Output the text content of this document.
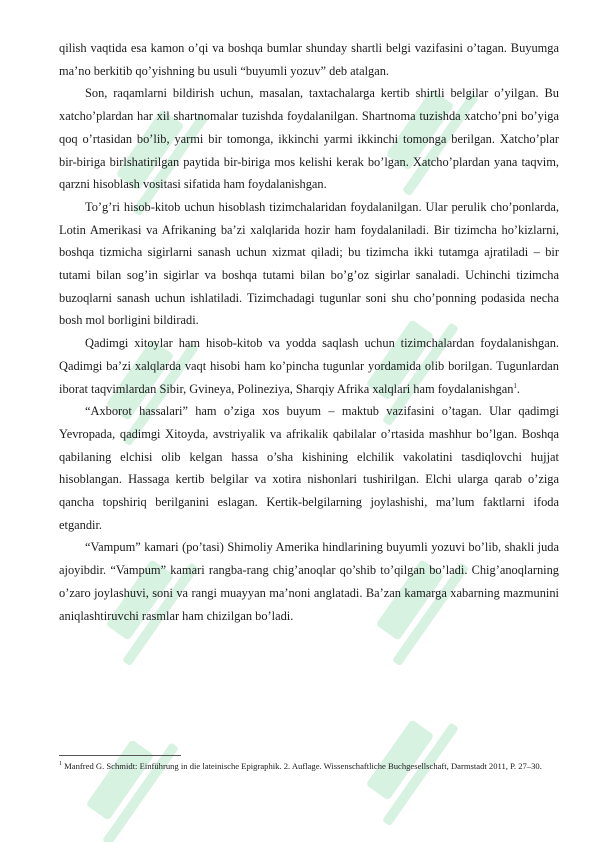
qilish vaqtida esa kamon o’qi va boshqa bumlar shunday shartli belgi vazifasini o’tagan. Buyumga ma’no berkitib qo’yishning bu usuli “buyumli yozuv” deb atalgan.

Son, raqamlarni bildirish uchun, masalan, taxtachalarga kertib shirtli belgilar o’yilgan. Bu xatcho’plardan har xil shartnomalar tuzishda foydalanilgan. Shartnoma tuzishda xatcho’pni bo’yiga qoq o’rtasidan bo’lib, yarmi bir tomonga, ikkinchi yarmi ikkinchi tomonga berilgan. Xatcho’plar bir-biriga birlshatirilgan paytida bir-biriga mos kelishi kerak bo’lgan. Xatcho’plardan yana taqvim, qarzni hisoblash vositasi sifatida ham foydalanishgan.

To’g’ri hisob-kitob uchun hisoblash tizimchalaridan foydalanilgan. Ular perulik cho’ponlarda, Lotin Amerikasi va Afrikaning ba’zi xalqlarida hozir ham foydalaniladi. Bir tizimcha ho’kizlarni, boshqa tizmicha sigirlarni sanash uchun xizmat qiladi; bu tizimcha ikki tutamga ajratiladi – bir tutami bilan sog’in sigirlar va boshqa tutami bilan bo’g’oz sigirlar sanaladi. Uchinchi tizimcha buzoqlarni sanash uchun ishlatiladi. Tizimchadagi tugunlar soni shu cho’ponning podasida necha bosh mol borligini bildiradi.

Qadimgi xitoylar ham hisob-kitob va yodda saqlash uchun tizimchalardan foydalanishgan. Qadimgi ba’zi xalqlarda vaqt hisobi ham ko’pincha tugunlar yordamida olib borilgan. Tugunlardan iborat taqvimlardan Sibir, Gvineya, Polineziya, Sharqiy Afrika xalqlari ham foydalanishgan$^1$.

“Axborot hassalari” ham o’ziga xos buyum – maktub vazifasini o’tagan. Ular qadimgi Yevropada, qadimgi Xitoyda, avstriyalik va afrikalik qabilalar o’rtasida mashhur bo’lgan. Boshqa qabilaning elchisi olib kelgan hassa o’sha kishining elchilik vakolatini tasdiqlovchi hujjat hisoblangan. Hassaga kertib belgilar va xotira nishonlari tushirilgan. Elchi ularga qarab o’ziga qancha topshiriq berilganini eslagan. Kertik-belgilarning joylashishi, ma’lum faktlarni ifoda etgandir.

“Vampum” kamari (po’tasi) Shimoliy Amerika hindlarining buyumli yozuvi bo’lib, shakli juda ajoyibdir. “Vampum” kamari rangba-rang chig’anoqlar qo’shib to’qilgan bo’ladi. Chig’anoqlarning o’zaro joylashuvi, soni va rangi muayyan ma’noni anglatadi. Ba’zan kamarga xabarning mazmunini aniqlashtiruvchi rasmlar ham chizilgan bo’ladi.

$^1$ Manfred G. Schmidt: Einführung in die lateinische Epigraphik. 2. Auflage. Wissenschaftliche Buchgesellschaft, Darmstadt 2011, P. 27–30.
